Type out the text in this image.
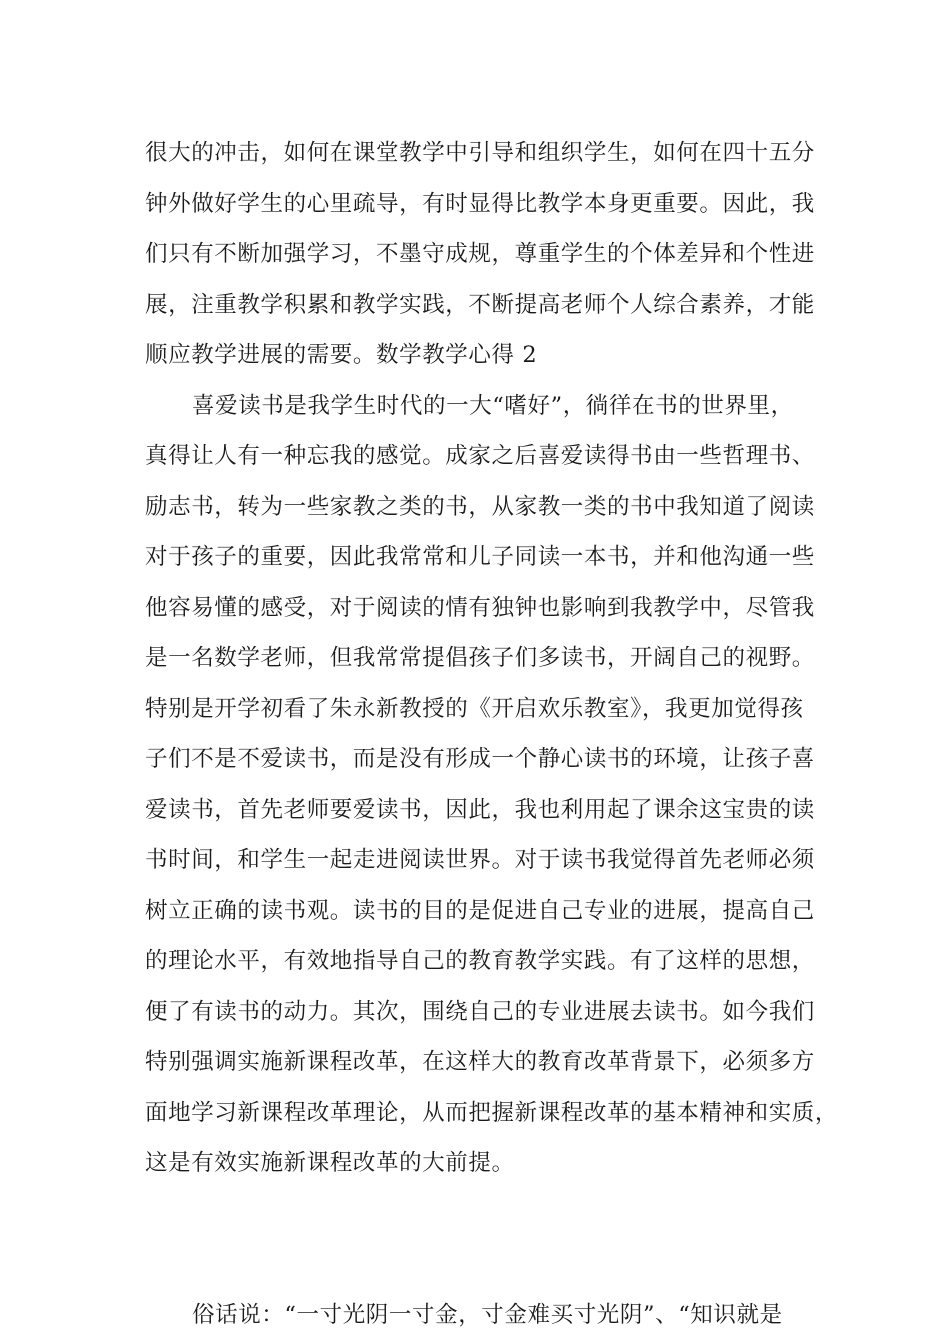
很大的冲击，如何在课堂教学中引导和组织学生，如何在四十五分
钟外做好学生的心里疏导，有时显得比教学本身更重要。因此，我
们只有不断加强学习，不墨守成规，尊重学生的个体差异和个性进
展，注重教学积累和教学实践，不断提高老师个人综合素养，才能
顺应教学进展的需要。数学教学心得 2
喜爱读书是我学生时代的一大“嗜好”，徜徉在书的世界里，
真得让人有一种忘我的感觉。成家之后喜爱读得书由一些哲理书、
励志书，转为一些家教之类的书，从家教一类的书中我知道了阅读
对于孩子的重要，因此我常常和儿子同读一本书，并和他沟通一些
他容易懂的感受，对于阅读的情有独钟也影响到我教学中，尽管我
是一名数学老师，但我常常提倡孩子们多读书，开阔自己的视野。
特别是开学初看了朱永新教授的《开启欢乐教室》，我更加觉得孩
子们不是不爱读书，而是没有形成一个静心读书的环境，让孩子喜
爱读书，首先老师要爱读书，因此，我也利用起了课余这宝贵的读
书时间，和学生一起走进阅读世界。对于读书我觉得首先老师必须
树立正确的读书观。读书的目的是促进自己专业的进展，提高自己
的理论水平，有效地指导自己的教育教学实践。有了这样的思想，
便了有读书的动力。其次，围绕自己的专业进展去读书。如今我们
特别强调实施新课程改革，在这样大的教育改革背景下，必须多方
面地学习新课程改革理论，从而把握新课程改革的基本精神和实质，
这是有效实施新课程改革的大前提。
俗话说：“一寸光阴一寸金，寸金难买寸光阴”、“知识就是
